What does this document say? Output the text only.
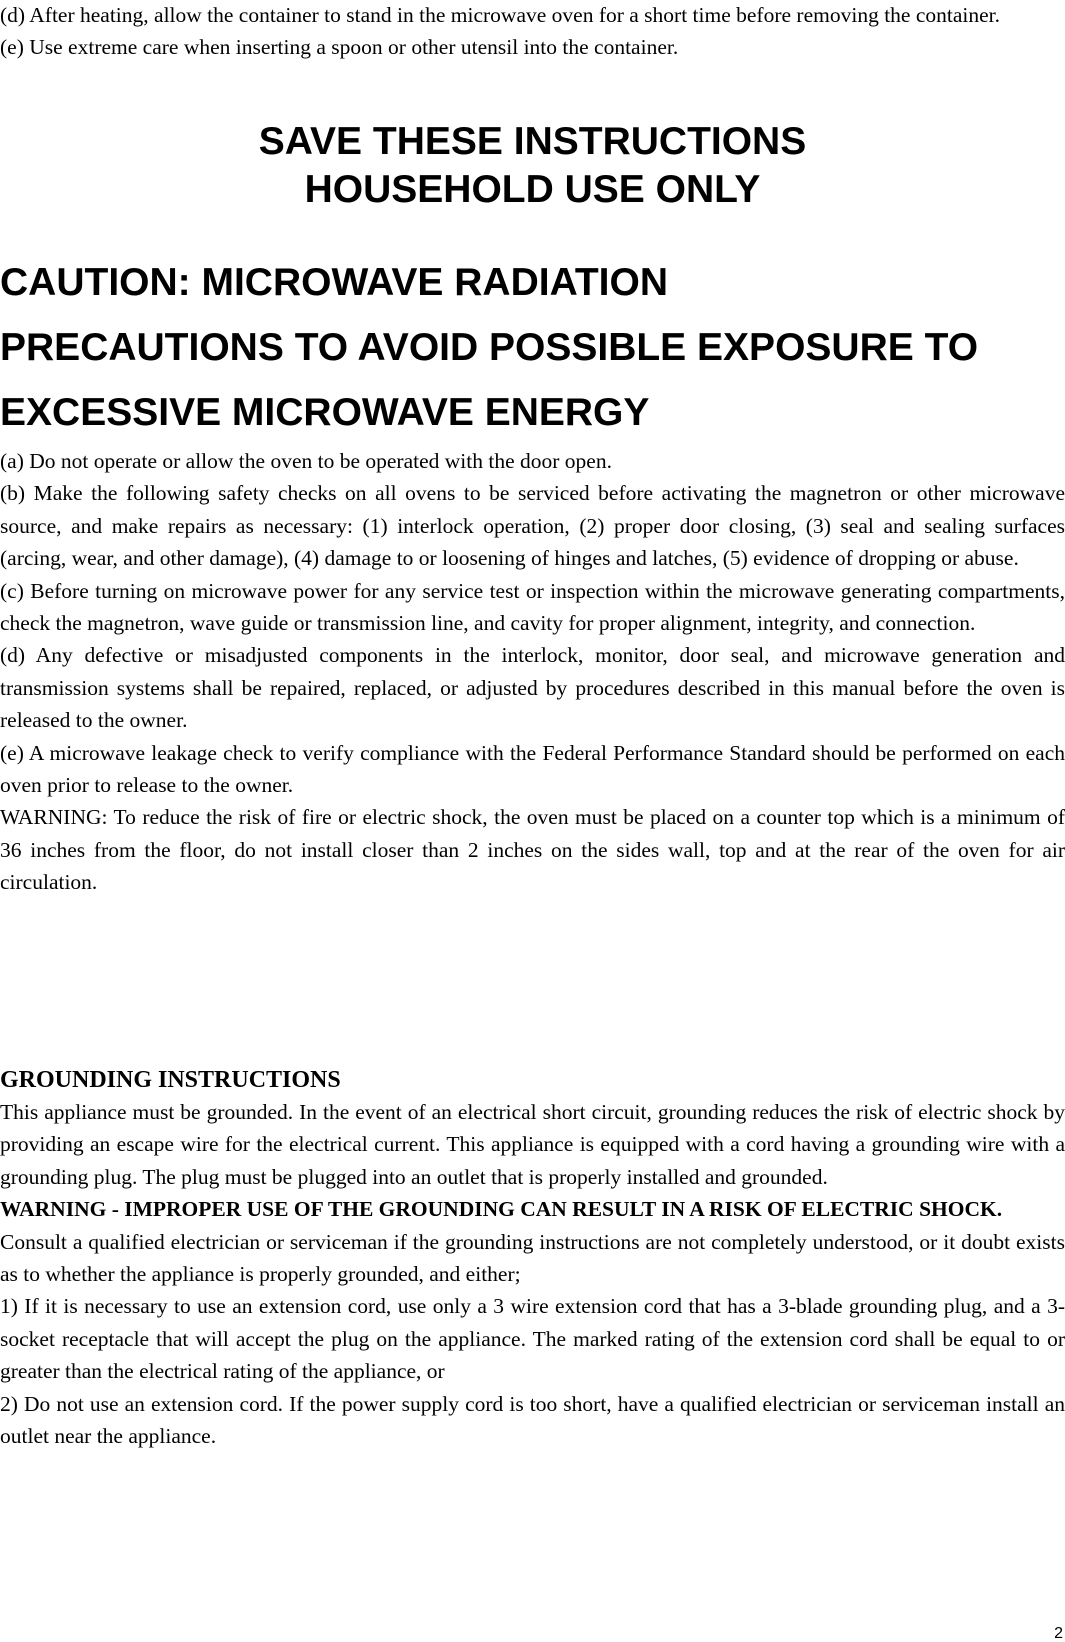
(d) After heating, allow the container to stand in the microwave oven for a short time before removing the container.

(e) Use extreme care when inserting a spoon or other utensil into the container.

SAVE THESE INSTRUCTIONS

HOUSEHOLD USE ONLY

CAUTION: MICROWAVE RADIATION

PRECAUTIONS TO AVOID POSSIBLE EXPOSURE TO

EXCESSIVE MICROWAVE ENERGY

(a) Do not operate or allow the oven to be operated with the door open.

(b) Make the following safety checks on all ovens to be serviced before activating the magnetron or other microwave source, and make repairs as necessary: (1) interlock operation, (2) proper door closing, (3) seal and sealing surfaces (arcing, wear, and other damage), (4) damage to or loosening of hinges and latches, (5) evidence of dropping or abuse.

(c) Before turning on microwave power for any service test or inspection within the microwave generating compartments, check the magnetron, wave guide or transmission line, and cavity for proper alignment, integrity, and connection.

(d) Any defective or misadjusted components in the interlock, monitor, door seal, and microwave generation and transmission systems shall be repaired, replaced, or adjusted by procedures described in this manual before the oven is released to the owner.

(e) A microwave leakage check to verify compliance with the Federal Performance Standard should be performed on each oven prior to release to the owner.

WARNING: To reduce the risk of fire or electric shock, the oven must be placed on a counter top which is a minimum of 36 inches from the floor, do not install closer than 2 inches on the sides wall, top and at the rear of the oven for air circulation.

GROUNDING INSTRUCTIONS

This appliance must be grounded. In the event of an electrical short circuit, grounding reduces the risk of electric shock by providing an escape wire for the electrical current. This appliance is equipped with a cord having a grounding wire with a grounding plug. The plug must be plugged into an outlet that is properly installed and grounded.

WARNING - IMPROPER USE OF THE GROUNDING CAN RESULT IN A RISK OF ELECTRIC SHOCK.

Consult a qualified electrician or serviceman if the grounding instructions are not completely understood, or it doubt exists as to whether the appliance is properly grounded, and either;

1) If it is necessary to use an extension cord, use only a 3 wire extension cord that has a 3-blade grounding plug, and a 3-socket receptacle that will accept the plug on the appliance. The marked rating of the extension cord shall be equal to or greater than the electrical rating of the appliance, or

2) Do not use an extension cord. If the power supply cord is too short, have a qualified electrician or serviceman install an outlet near the appliance.

2
